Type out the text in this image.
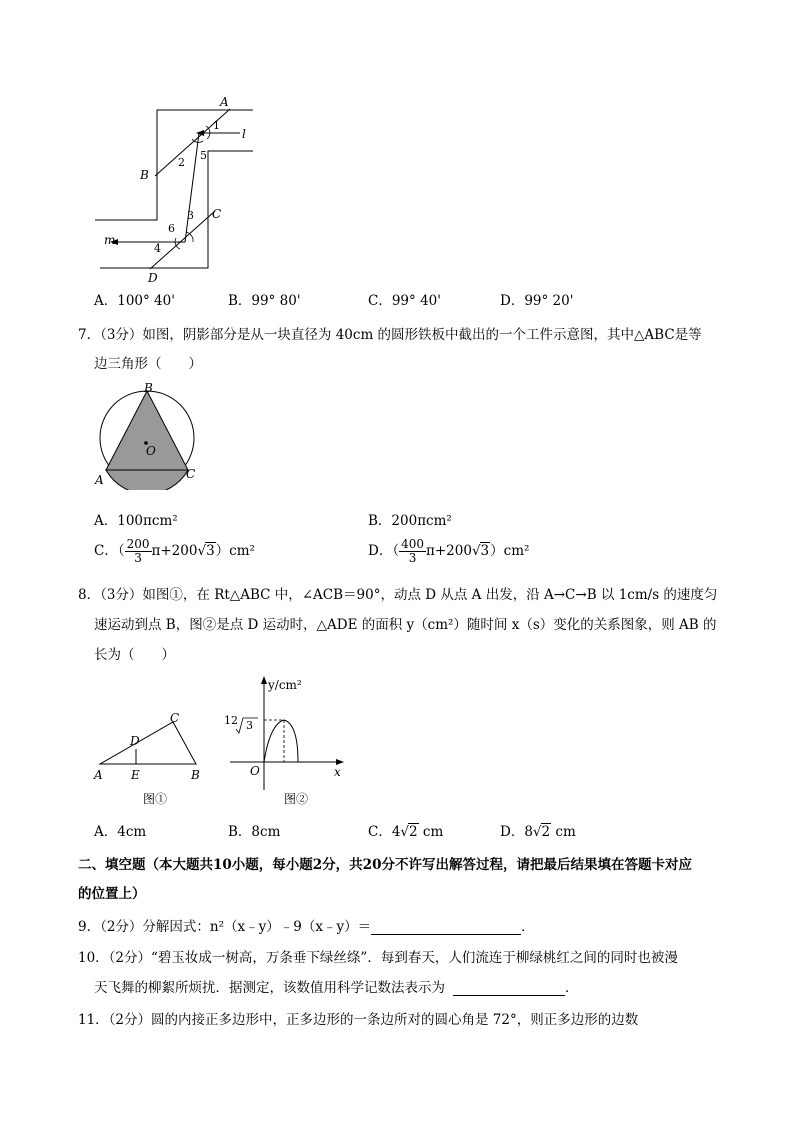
A
l
1
2
5
B
C
3
6
4
m
D
A．100° 40'	B．99° 80'	C．99° 40'	D．99° 20'
7．（3分）如图，阴影部分是从一块直径为 40cm 的圆形铁板中截出的一个工件示意图，其中△ABC是等
边三角形（　　）
B
O
A	C
A．100πcm²	B．200πcm²
C．（ $\frac{200}{3} \pi+200√3)cm^2$	D．（ $\frac{400}{3} \pi+200√3)cm^2$
8．（3分）如图①，在 Rt△ABC 中，∠ACB＝90°，动点 D 从点 A 出发，沿 A→C→B 以 1cm/s 的速度匀
速运动到点 B，图②是点 D 运动时，△ADE 的面积 y（cm²）随时间 x（s）变化的关系图象，则 AB 的
长为（　　）
C
D
A E	B
图①
y/cm²
12 3
O	x
图②
A．4cm	B．8cm	C．4√2 cm	D．8√2 cm
二、填空题（本大题共10小题，每小题2分，共20分不许写出解答过程，请把最后结果填在答题卡对应
的位置上）
9．（2分）分解因式：n²（x﹣y）﹣9（x﹣y）＝	．
10．（2分）“碧玉妆成一树高，万条垂下绿丝绦”．每到春天，人们流连于柳绿桃红之间的同时也被漫
天飞舞的柳絮所烦扰．据测定，该数值用科学记数法表示为	．
11．（2分）圆的内接正多边形中，正多边形的一条边所对的圆心角是 72°，则正多边形的边数
